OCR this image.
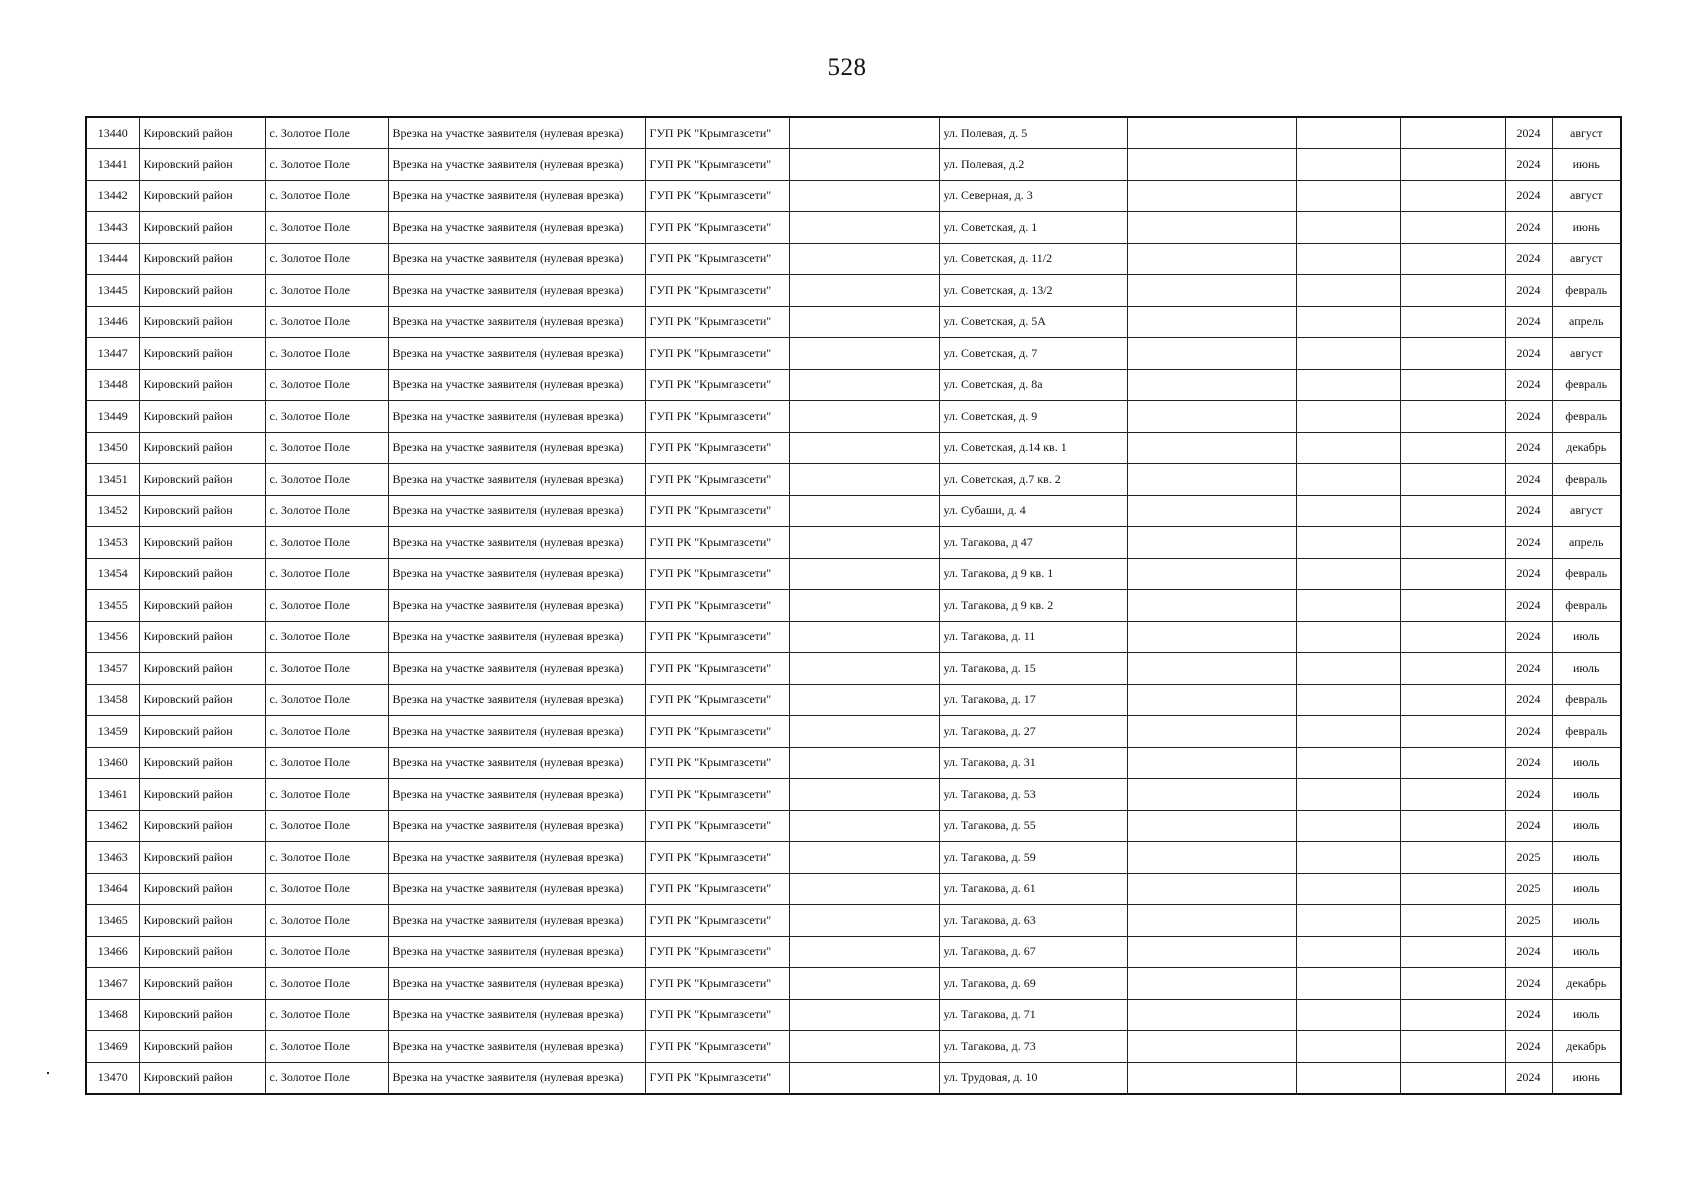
528
13440	Кировский район	с. Золотое Поле	Врезка на участке заявителя (нулевая врезка)	ГУП РК "Крымгазсети"		ул. Полевая, д. 5				2024	август
13441	Кировский район	с. Золотое Поле	Врезка на участке заявителя (нулевая врезка)	ГУП РК "Крымгазсети"		ул. Полевая, д.2				2024	июнь
13442	Кировский район	с. Золотое Поле	Врезка на участке заявителя (нулевая врезка)	ГУП РК "Крымгазсети"		ул. Северная, д. 3				2024	август
13443	Кировский район	с. Золотое Поле	Врезка на участке заявителя (нулевая врезка)	ГУП РК "Крымгазсети"		ул. Советская, д. 1				2024	июнь
13444	Кировский район	с. Золотое Поле	Врезка на участке заявителя (нулевая врезка)	ГУП РК "Крымгазсети"		ул. Советская, д. 11/2				2024	август
13445	Кировский район	с. Золотое Поле	Врезка на участке заявителя (нулевая врезка)	ГУП РК "Крымгазсети"		ул. Советская, д. 13/2				2024	февраль
13446	Кировский район	с. Золотое Поле	Врезка на участке заявителя (нулевая врезка)	ГУП РК "Крымгазсети"		ул. Советская, д. 5А				2024	апрель
13447	Кировский район	с. Золотое Поле	Врезка на участке заявителя (нулевая врезка)	ГУП РК "Крымгазсети"		ул. Советская, д. 7				2024	август
13448	Кировский район	с. Золотое Поле	Врезка на участке заявителя (нулевая врезка)	ГУП РК "Крымгазсети"		ул. Советская, д. 8а				2024	февраль
13449	Кировский район	с. Золотое Поле	Врезка на участке заявителя (нулевая врезка)	ГУП РК "Крымгазсети"		ул. Советская, д. 9				2024	февраль
13450	Кировский район	с. Золотое Поле	Врезка на участке заявителя (нулевая врезка)	ГУП РК "Крымгазсети"		ул. Советская, д.14 кв. 1				2024	декабрь
13451	Кировский район	с. Золотое Поле	Врезка на участке заявителя (нулевая врезка)	ГУП РК "Крымгазсети"		ул. Советская, д.7 кв. 2				2024	февраль
13452	Кировский район	с. Золотое Поле	Врезка на участке заявителя (нулевая врезка)	ГУП РК "Крымгазсети"		ул. Субаши, д. 4				2024	август
13453	Кировский район	с. Золотое Поле	Врезка на участке заявителя (нулевая врезка)	ГУП РК "Крымгазсети"		ул. Тагакова, д 47				2024	апрель
13454	Кировский район	с. Золотое Поле	Врезка на участке заявителя (нулевая врезка)	ГУП РК "Крымгазсети"		ул. Тагакова, д 9 кв. 1				2024	февраль
13455	Кировский район	с. Золотое Поле	Врезка на участке заявителя (нулевая врезка)	ГУП РК "Крымгазсети"		ул. Тагакова, д 9 кв. 2				2024	февраль
13456	Кировский район	с. Золотое Поле	Врезка на участке заявителя (нулевая врезка)	ГУП РК "Крымгазсети"		ул. Тагакова, д. 11				2024	июль
13457	Кировский район	с. Золотое Поле	Врезка на участке заявителя (нулевая врезка)	ГУП РК "Крымгазсети"		ул. Тагакова, д. 15				2024	июль
13458	Кировский район	с. Золотое Поле	Врезка на участке заявителя (нулевая врезка)	ГУП РК "Крымгазсети"		ул. Тагакова, д. 17				2024	февраль
13459	Кировский район	с. Золотое Поле	Врезка на участке заявителя (нулевая врезка)	ГУП РК "Крымгазсети"		ул. Тагакова, д. 27				2024	февраль
13460	Кировский район	с. Золотое Поле	Врезка на участке заявителя (нулевая врезка)	ГУП РК "Крымгазсети"		ул. Тагакова, д. 31				2024	июль
13461	Кировский район	с. Золотое Поле	Врезка на участке заявителя (нулевая врезка)	ГУП РК "Крымгазсети"		ул. Тагакова, д. 53				2024	июль
13462	Кировский район	с. Золотое Поле	Врезка на участке заявителя (нулевая врезка)	ГУП РК "Крымгазсети"		ул. Тагакова, д. 55				2024	июль
13463	Кировский район	с. Золотое Поле	Врезка на участке заявителя (нулевая врезка)	ГУП РК "Крымгазсети"		ул. Тагакова, д. 59				2025	июль
13464	Кировский район	с. Золотое Поле	Врезка на участке заявителя (нулевая врезка)	ГУП РК "Крымгазсети"		ул. Тагакова, д. 61				2025	июль
13465	Кировский район	с. Золотое Поле	Врезка на участке заявителя (нулевая врезка)	ГУП РК "Крымгазсети"		ул. Тагакова, д. 63				2025	июль
13466	Кировский район	с. Золотое Поле	Врезка на участке заявителя (нулевая врезка)	ГУП РК "Крымгазсети"		ул. Тагакова, д. 67				2024	июль
13467	Кировский район	с. Золотое Поле	Врезка на участке заявителя (нулевая врезка)	ГУП РК "Крымгазсети"		ул. Тагакова, д. 69				2024	декабрь
13468	Кировский район	с. Золотое Поле	Врезка на участке заявителя (нулевая врезка)	ГУП РК "Крымгазсети"		ул. Тагакова, д. 71				2024	июль
13469	Кировский район	с. Золотое Поле	Врезка на участке заявителя (нулевая врезка)	ГУП РК "Крымгазсети"		ул. Тагакова, д. 73				2024	декабрь
13470	Кировский район	с. Золотое Поле	Врезка на участке заявителя (нулевая врезка)	ГУП РК "Крымгазсети"		ул. Трудовая, д. 10				2024	июнь
